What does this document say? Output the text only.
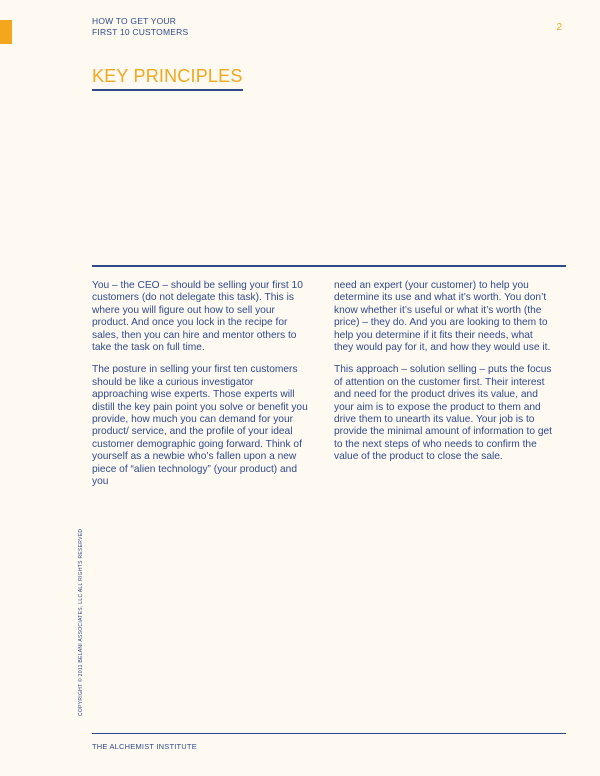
HOW TO GET YOUR
FIRST 10 CUSTOMERS	2
KEY PRINCIPLES

You – the CEO – should be selling your first 10 customers (do not delegate this task). This is where you will figure out how to sell your product. And once you lock in the recipe for sales, then you can hire and mentor others to take the task on full time.

The posture in selling your first ten customers should be like a curious investigator approaching wise experts. Those experts will distill the key pain point you solve or benefit you provide, how much you can demand for your product/ service, and the profile of your ideal customer demographic going forward. Think of yourself as a newbie who’s fallen upon a new piece of “alien technology” (your product) and you

need an expert (your customer) to help you determine its use and what it’s worth. You don’t know whether it’s useful or what it’s worth (the price) – they do. And you are looking to them to help you determine if it fits their needs, what they would pay for it, and how they would use it.

This approach – solution selling – puts the focus of attention on the customer first. Their interest and need for the product drives its value, and your aim is to expose the product to them and drive them to unearth its value. Your job is to provide the minimal amount of information to get to the next steps of who needs to confirm the value of the product to close the sale.

COPYRIGHT © 2011 BELANI ASSOCIATES, LLC ALL RIGHTS RESERVED
THE ALCHEMIST INSTITUTE
